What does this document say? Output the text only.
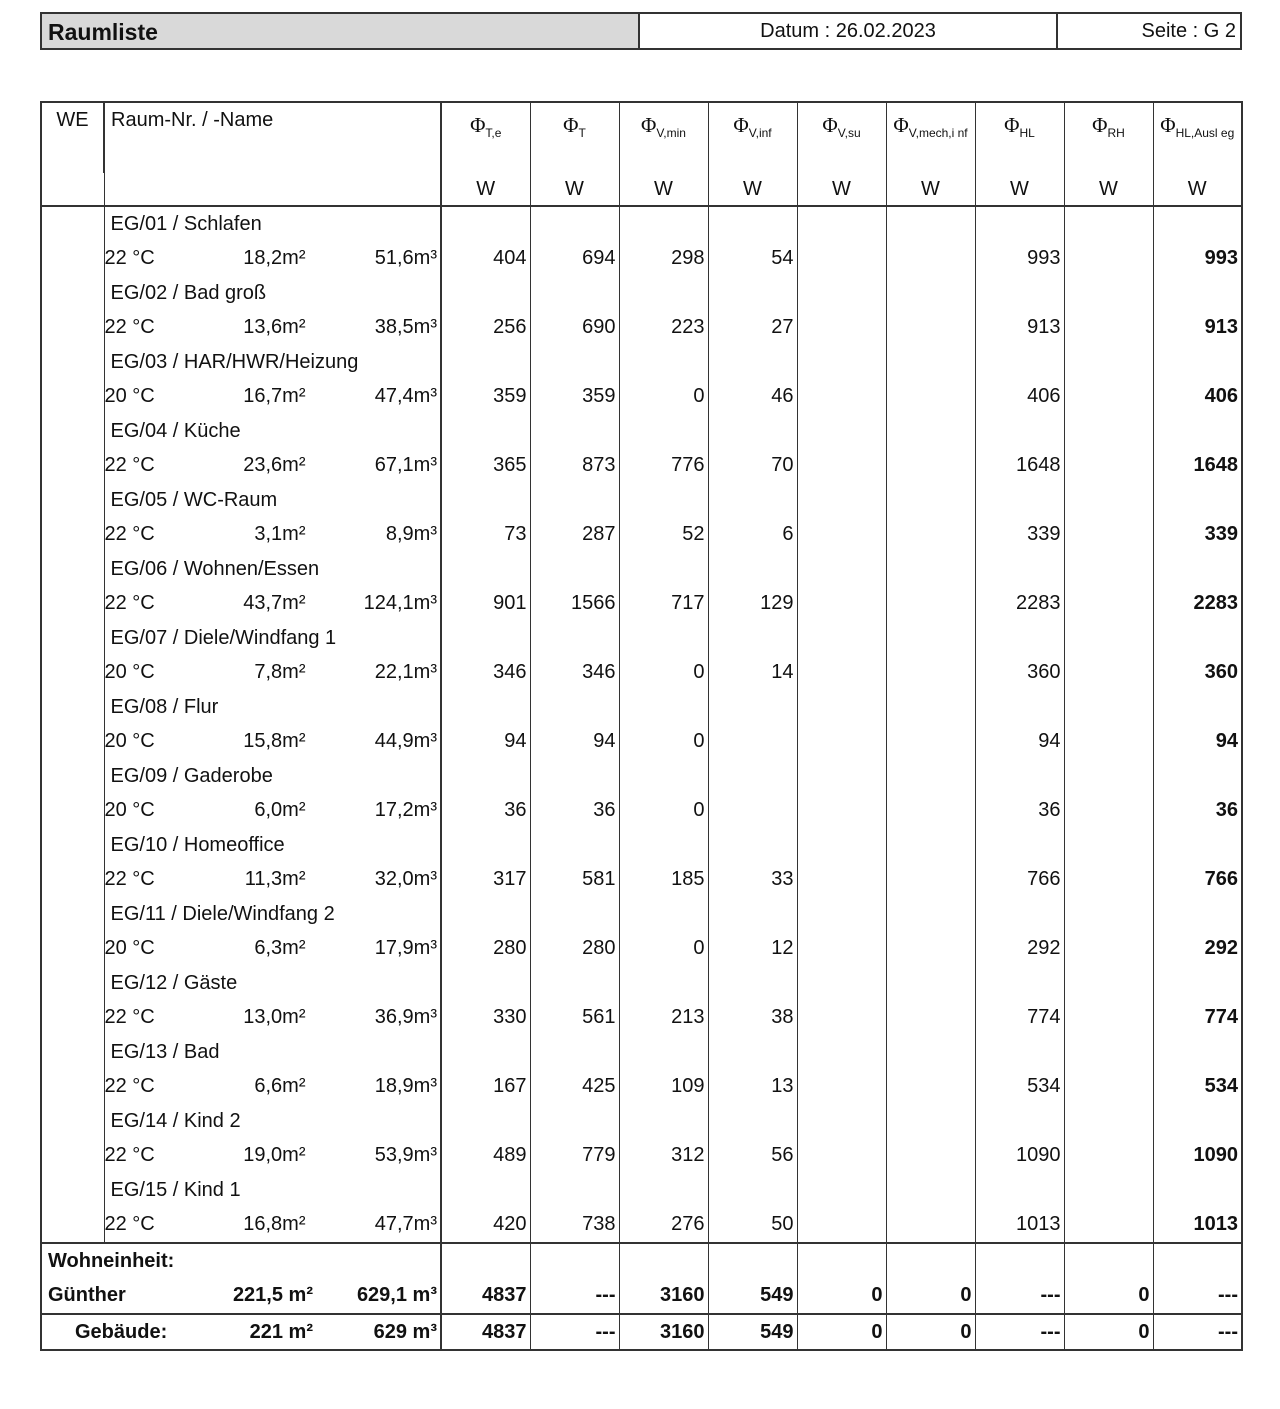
Raumliste	Datum : 26.02.2023	Seite : G 2
WE	Raum-Nr. / -Name	$\Phi_{T,e}$	$\Phi_T$	$\Phi_{V,min}$	$\Phi_{V,inf}$	$\Phi_{V,su}$	$\Phi_{V,mech,i nf}$	$\Phi_{HL}$	$\Phi_{RH}$	$\Phi_{HL,Ausl eg}$
		W	W	W	W	W	W	W	W	W
	EG/01 / Schlafen									

	22 °C 18,2m² 51,6m³	404	694	298	54			993		993
	EG/02 / Bad groß									

	22 °C 13,6m² 38,5m³	256	690	223	27			913		913
	EG/03 / HAR/HWR/Heizung									

	20 °C 16,7m² 47,4m³	359	359	0	46			406		406
	EG/04 / Küche									

	22 °C 23,6m² 67,1m³	365	873	776	70			1648		1648
	EG/05 / WC-Raum									

	22 °C 3,1m² 8,9m³	73	287	52	6			339		339
	EG/06 / Wohnen/Essen									

	22 °C 43,7m² 124,1m³	901	1566	717	129			2283		2283
	EG/07 / Diele/Windfang 1									

	20 °C 7,8m² 22,1m³	346	346	0	14			360		360
	EG/08 / Flur									

	20 °C 15,8m² 44,9m³	94	94	0				94		94
	EG/09 / Gaderobe									

	20 °C 6,0m² 17,2m³	36	36	0				36		36
	EG/10 / Homeoffice									

	22 °C 11,3m² 32,0m³	317	581	185	33			766		766
	EG/11 / Diele/Windfang 2									

	20 °C 6,3m² 17,9m³	280	280	0	12			292		292
	EG/12 / Gäste									

	22 °C 13,0m² 36,9m³	330	561	213	38			774		774
	EG/13 / Bad									

	22 °C 6,6m² 18,9m³	167	425	109	13			534		534
	EG/14 / Kind 2									

	22 °C 19,0m² 53,9m³	489	779	312	56			1090		1090
	EG/15 / Kind 1									

	22 °C 16,8m² 47,7m³	420	738	276	50			1013		1013

Wohneinheit:										

Günther 221,5 m² 629,1 m³		4837	---	3160	549	0	0	---	0	---

Gebäude: 221 m² 629 m³		4837	---	3160	549	0	0	---	0	---
